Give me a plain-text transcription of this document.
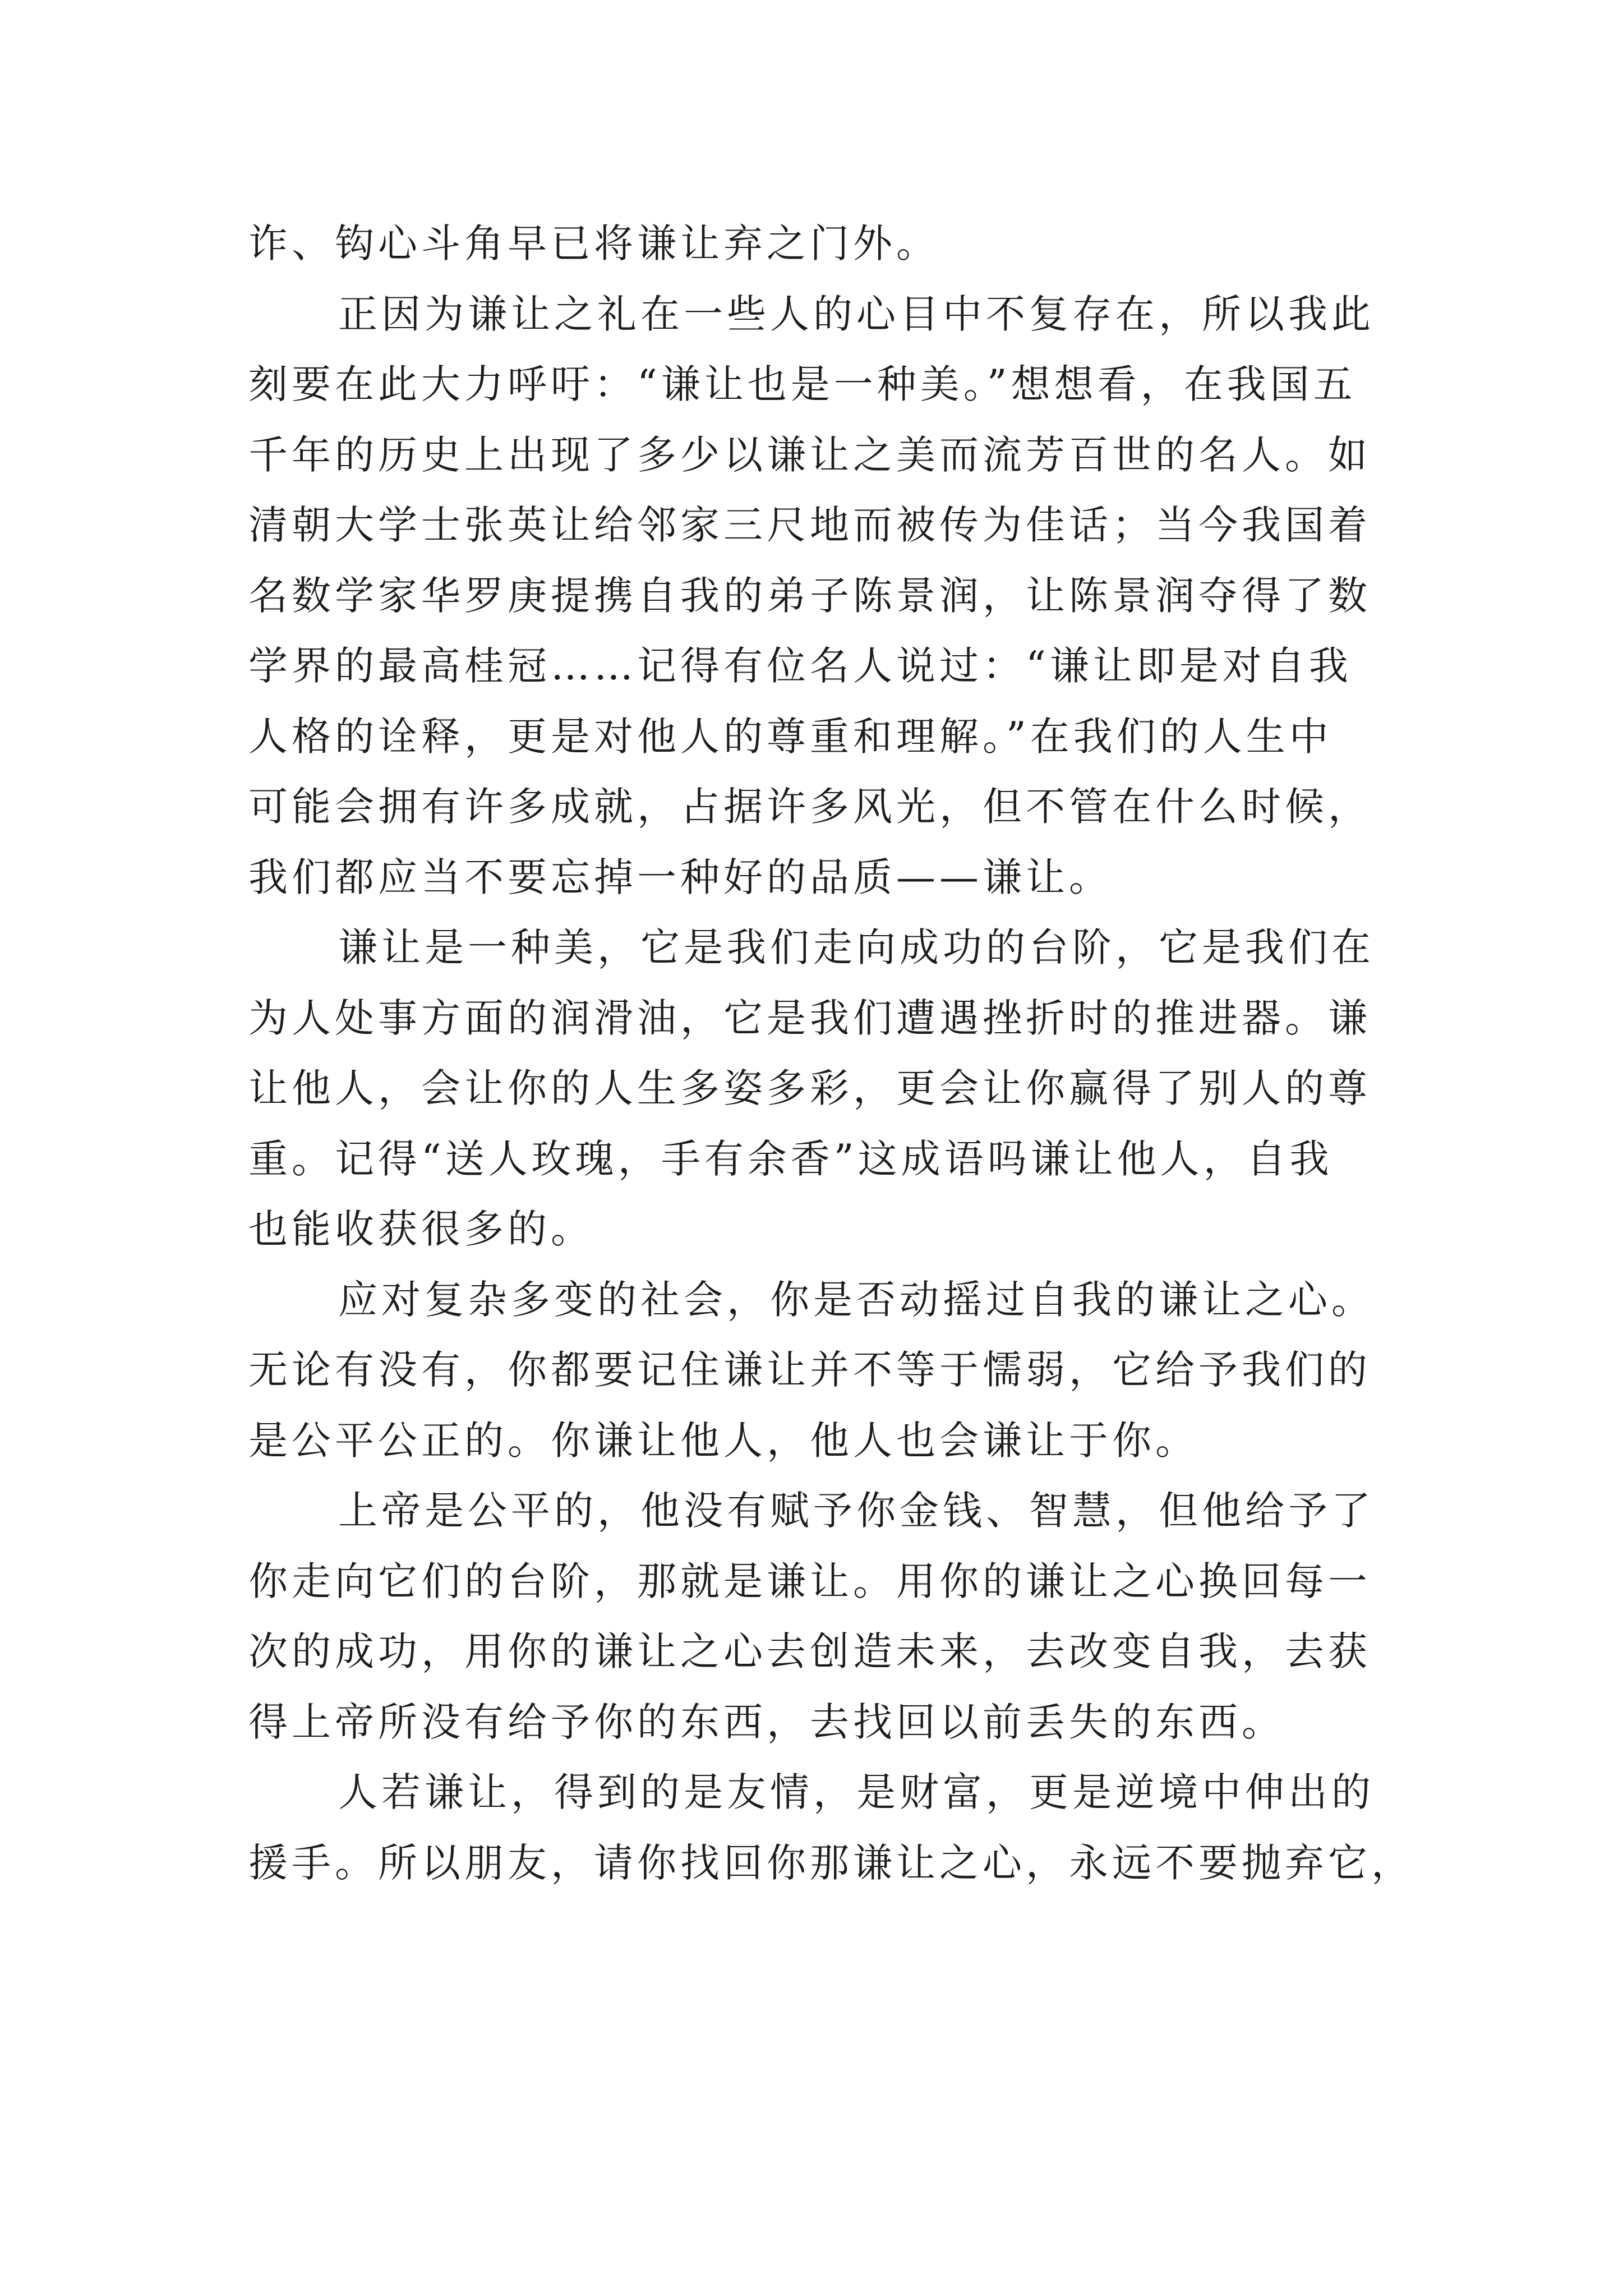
诈、钩心斗角早已将谦让弃之门外。
正因为谦让之礼在一些人的心目中不复存在，所以我此
刻要在此大力呼吁：“谦让也是一种美。”想想看，在我国五
千年的历史上出现了多少以谦让之美而流芳百世的名人。如
清朝大学士张英让给邻家三尺地而被传为佳话；当今我国着
名数学家华罗庚提携自我的弟子陈景润，让陈景润夺得了数
学界的最高桂冠……记得有位名人说过：“谦让即是对自我
人格的诠释，更是对他人的尊重和理解。”在我们的人生中
可能会拥有许多成就，占据许多风光，但不管在什么时候，
我们都应当不要忘掉一种好的品质——谦让。
谦让是一种美，它是我们走向成功的台阶，它是我们在
为人处事方面的润滑油，它是我们遭遇挫折时的推进器。谦
让他人，会让你的人生多姿多彩，更会让你赢得了别人的尊
重。记得“送人玫瑰，手有余香”这成语吗谦让他人，自我
也能收获很多的。
应对复杂多变的社会，你是否动摇过自我的谦让之心。
无论有没有，你都要记住谦让并不等于懦弱，它给予我们的
是公平公正的。你谦让他人，他人也会谦让于你。
上帝是公平的，他没有赋予你金钱、智慧，但他给予了
你走向它们的台阶，那就是谦让。用你的谦让之心换回每一
次的成功，用你的谦让之心去创造未来，去改变自我，去获
得上帝所没有给予你的东西，去找回以前丢失的东西。
人若谦让，得到的是友情，是财富，更是逆境中伸出的
援手。所以朋友，请你找回你那谦让之心，永远不要抛弃它，
